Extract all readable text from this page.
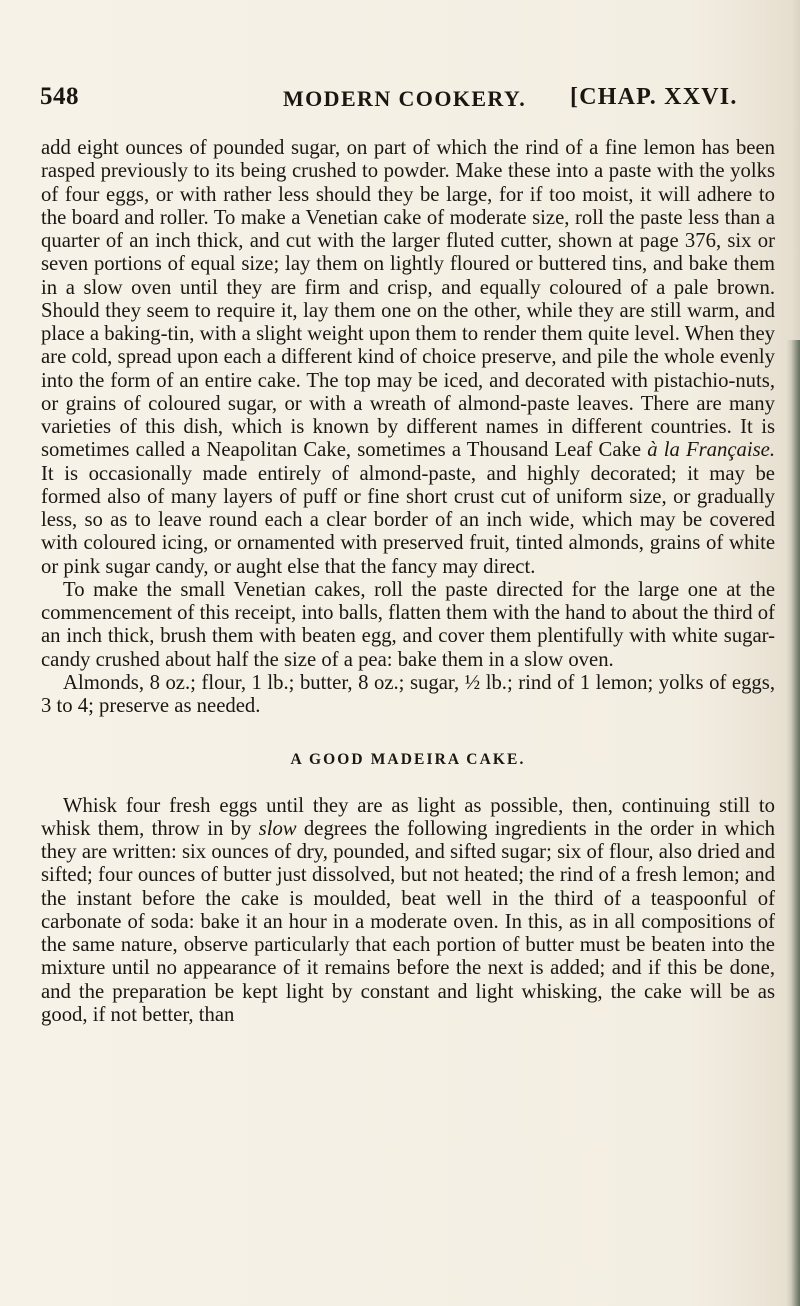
548	MODERN COOKERY. [CHAP. XXVI.

add eight ounces of pounded sugar, on part of which the rind of a fine lemon has been rasped previously to its being crushed to powder. Make these into a paste with the yolks of four eggs, or with rather less should they be large, for if too moist, it will adhere to the board and roller. To make a Venetian cake of moderate size, roll the paste less than a quarter of an inch thick, and cut with the larger fluted cutter, shown at page 376, six or seven portions of equal size; lay them on lightly floured or buttered tins, and bake them in a slow oven until they are firm and crisp, and equally coloured of a pale brown. Should they seem to require it, lay them one on the other, while they are still warm, and place a baking-tin, with a slight weight upon them to render them quite level. When they are cold, spread upon each a different kind of choice preserve, and pile the whole evenly into the form of an entire cake. The top may be iced, and decorated with pistachio-nuts, or grains of coloured sugar, or with a wreath of almond-paste leaves. There are many varieties of this dish, which is known by different names in different countries. It is sometimes called a Neapolitan Cake, sometimes a Thousand Leaf Cake à la Française. It is occasionally made entirely of almond-paste, and highly decorated; it may be formed also of many layers of puff or fine short crust cut of uniform size, or gradually less, so as to leave round each a clear border of an inch wide, which may be covered with coloured icing, or ornamented with preserved fruit, tinted almonds, grains of white or pink sugar candy, or aught else that the fancy may direct.

To make the small Venetian cakes, roll the paste directed for the large one at the commencement of this receipt, into balls, flatten them with the hand to about the third of an inch thick, brush them with beaten egg, and cover them plentifully with white sugar-candy crushed about half the size of a pea: bake them in a slow oven.

Almonds, 8 oz.; flour, 1 lb.; butter, 8 oz.; sugar, ½ lb.; rind of 1 lemon; yolks of eggs, 3 to 4; preserve as needed.

A GOOD MADEIRA CAKE.

Whisk four fresh eggs until they are as light as possible, then, continuing still to whisk them, throw in by slow degrees the following ingredients in the order in which they are written: six ounces of dry, pounded, and sifted sugar; six of flour, also dried and sifted; four ounces of butter just dissolved, but not heated; the rind of a fresh lemon; and the instant before the cake is moulded, beat well in the third of a teaspoonful of carbonate of soda: bake it an hour in a moderate oven. In this, as in all compositions of the same nature, observe particularly that each portion of butter must be beaten into the mixture until no appearance of it remains before the next is added; and if this be done, and the preparation be kept light by constant and light whisking, the cake will be as good, if not better, than
